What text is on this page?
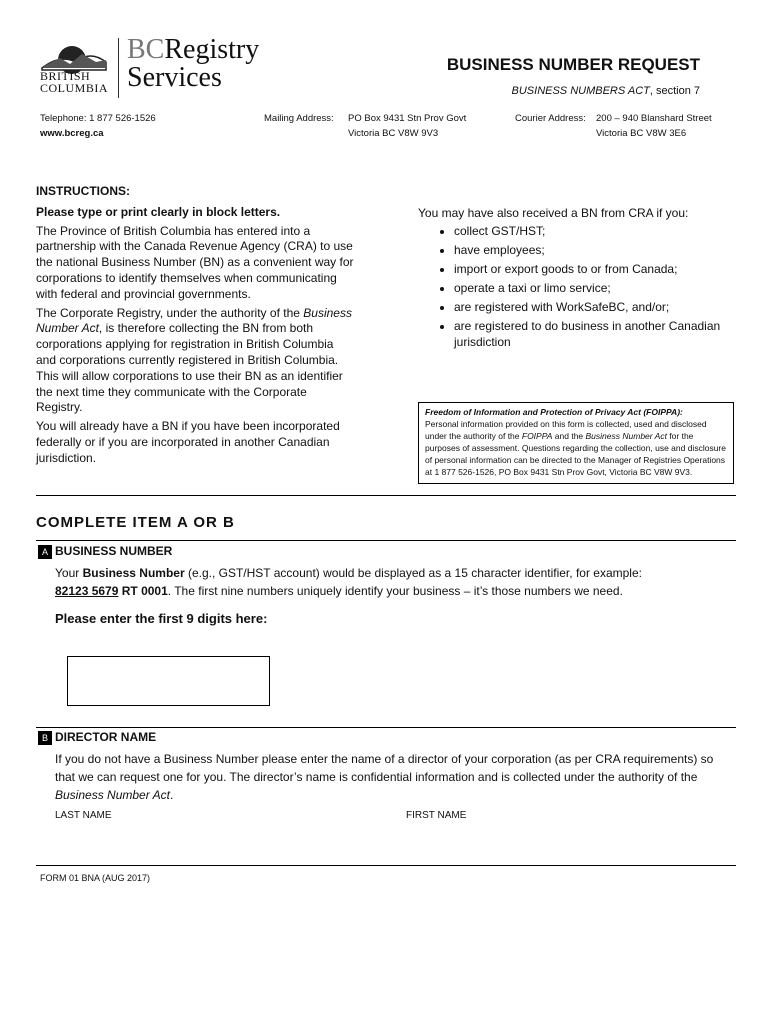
BRITISH
COLUMBIA
BCRegistry
Services	BUSINESS NUMBER REQUEST
BUSINESS NUMBERS ACT, section 7
Telephone: 1 877 526-1526
www.bcreg.ca
Mailing Address: PO Box 9431 Stn Prov Govt
Victoria BC V8W 9V3
Courier Address: 200 – 940 Blanshard Street
Victoria BC V8W 3E6
INSTRUCTIONS:

Please type or print clearly in block letters.

The Province of British Columbia has entered into a partnership with the Canada Revenue Agency (CRA) to use the national Business Number (BN) as a convenient way for corporations to identify themselves when communicating with federal and provincial governments.

The Corporate Registry, under the authority of the Business Number Act, is therefore collecting the BN from both corporations applying for registration in British Columbia and corporations currently registered in British Columbia. This will allow corporations to use their BN as an identifier the next time they communicate with the Corporate Registry.

You will already have a BN if you have been incorporated federally or if you are incorporated in another Canadian jurisdiction.

You may have also received a BN from CRA if you:
• collect GST/HST;
• have employees;
• import or export goods to or from Canada;
• operate a taxi or limo service;
• are registered with WorkSafeBC, and/or;
• are registered to do business in another Canadian jurisdiction
Freedom of Information and Protection of Privacy Act (FOIPPA):
Personal information provided on this form is collected, used and disclosed under the authority of the FOIPPA and the Business Number Act for the purposes of assessment. Questions regarding the collection, use and disclosure of personal information can be directed to the Manager of Registries Operations at 1 877 526-1526, PO Box 9431 Stn Prov Govt, Victoria BC V8W 9V3.
COMPLETE ITEM A OR B
A BUSINESS NUMBER
Your Business Number (e.g., GST/HST account) would be displayed as a 15 character identifier, for example:
82123 5679 RT 0001. The first nine numbers uniquely identify your business – it’s those numbers we need.
Please enter the first 9 digits here:
B DIRECTOR NAME
If you do not have a Business Number please enter the name of a director of your corporation (as per CRA requirements) so that we can request one for you. The director’s name is confidential information and is collected under the authority of the Business Number Act.
LAST NAME	FIRST NAME
FORM 01 BNA (AUG 2017)
